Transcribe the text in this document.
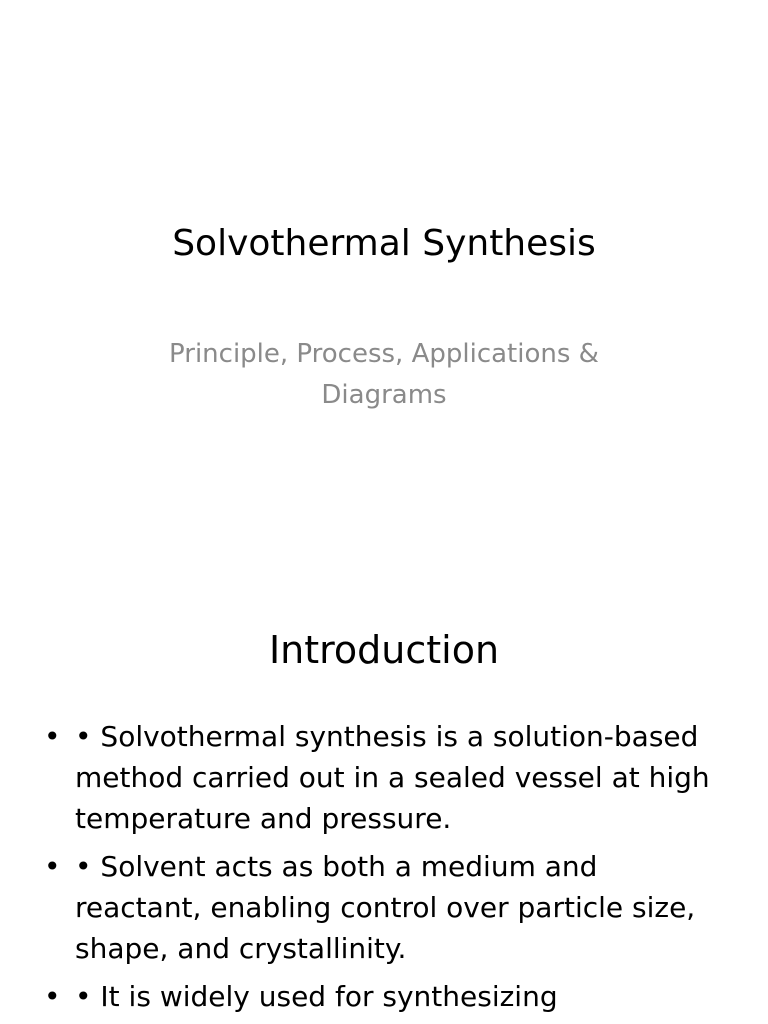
Solvothermal Synthesis

Principle, Process, Applications & Diagrams

Introduction
• • Solvothermal synthesis is a solution-based method carried out in a sealed vessel at high temperature and pressure.
• • Solvent acts as both a medium and reactant, enabling control over particle size, shape, and crystallinity.
• • It is widely used for synthesizing
